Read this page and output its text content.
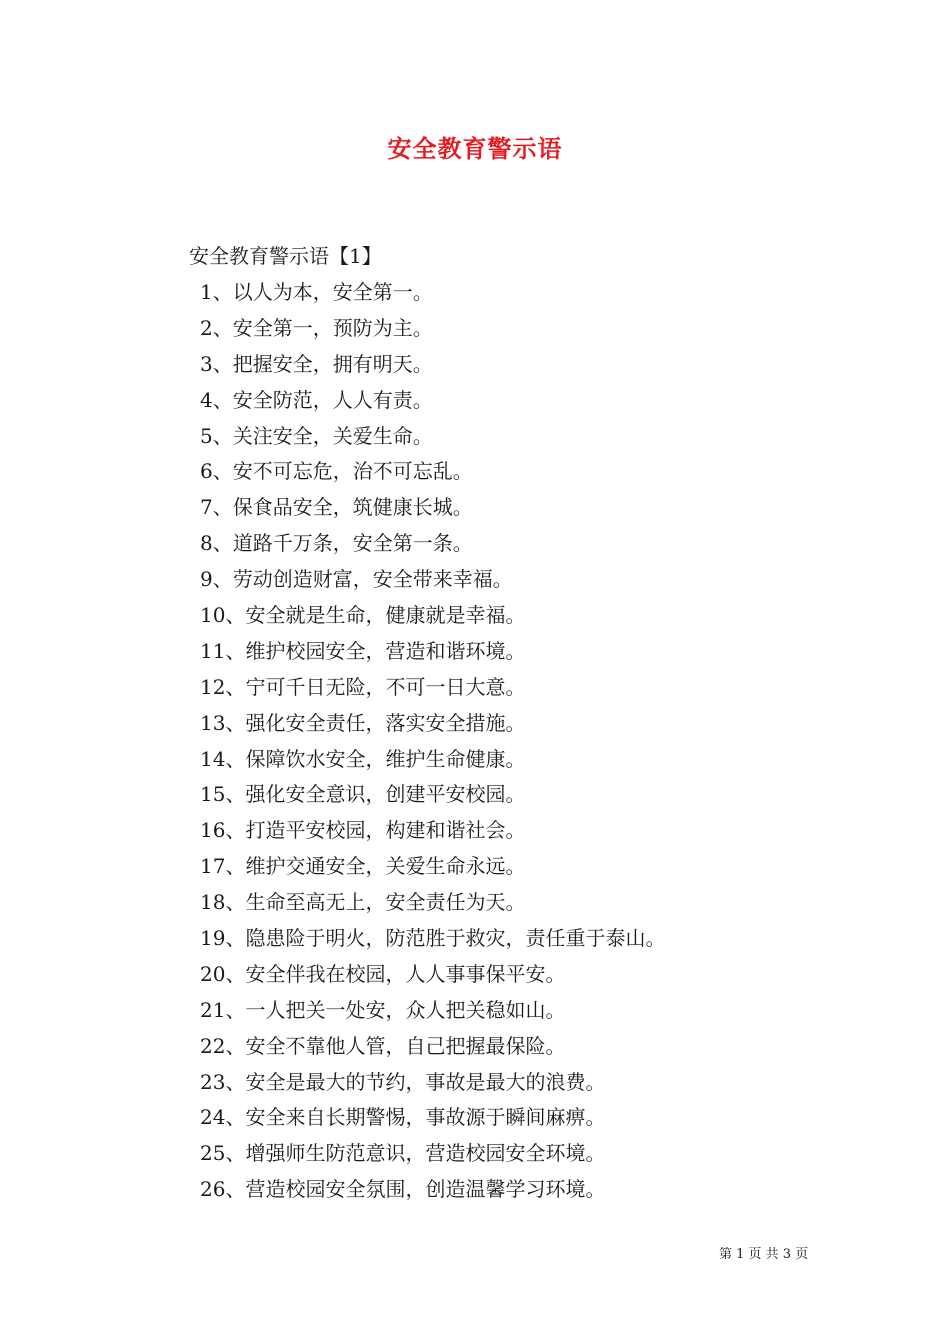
安全教育警示语
安全教育警示语【1】
1、以人为本，安全第一。
2、安全第一，预防为主。
3、把握安全，拥有明天。
4、安全防范，人人有责。
5、关注安全，关爱生命。
6、安不可忘危，治不可忘乱。
7、保食品安全，筑健康长城。
8、道路千万条，安全第一条。
9、劳动创造财富，安全带来幸福。
10、安全就是生命，健康就是幸福。
11、维护校园安全，营造和谐环境。
12、宁可千日无险，不可一日大意。
13、强化安全责任，落实安全措施。
14、保障饮水安全，维护生命健康。
15、强化安全意识，创建平安校园。
16、打造平安校园，构建和谐社会。
17、维护交通安全，关爱生命永远。
18、生命至高无上，安全责任为天。
19、隐患险于明火，防范胜于救灾，责任重于泰山。
20、安全伴我在校园，人人事事保平安。
21、一人把关一处安，众人把关稳如山。
22、安全不靠他人管，自己把握最保险。
23、安全是最大的节约，事故是最大的浪费。
24、安全来自长期警惕，事故源于瞬间麻痹。
25、增强师生防范意识，营造校园安全环境。
26、营造校园安全氛围，创造温馨学习环境。
第 1 页 共 3 页
